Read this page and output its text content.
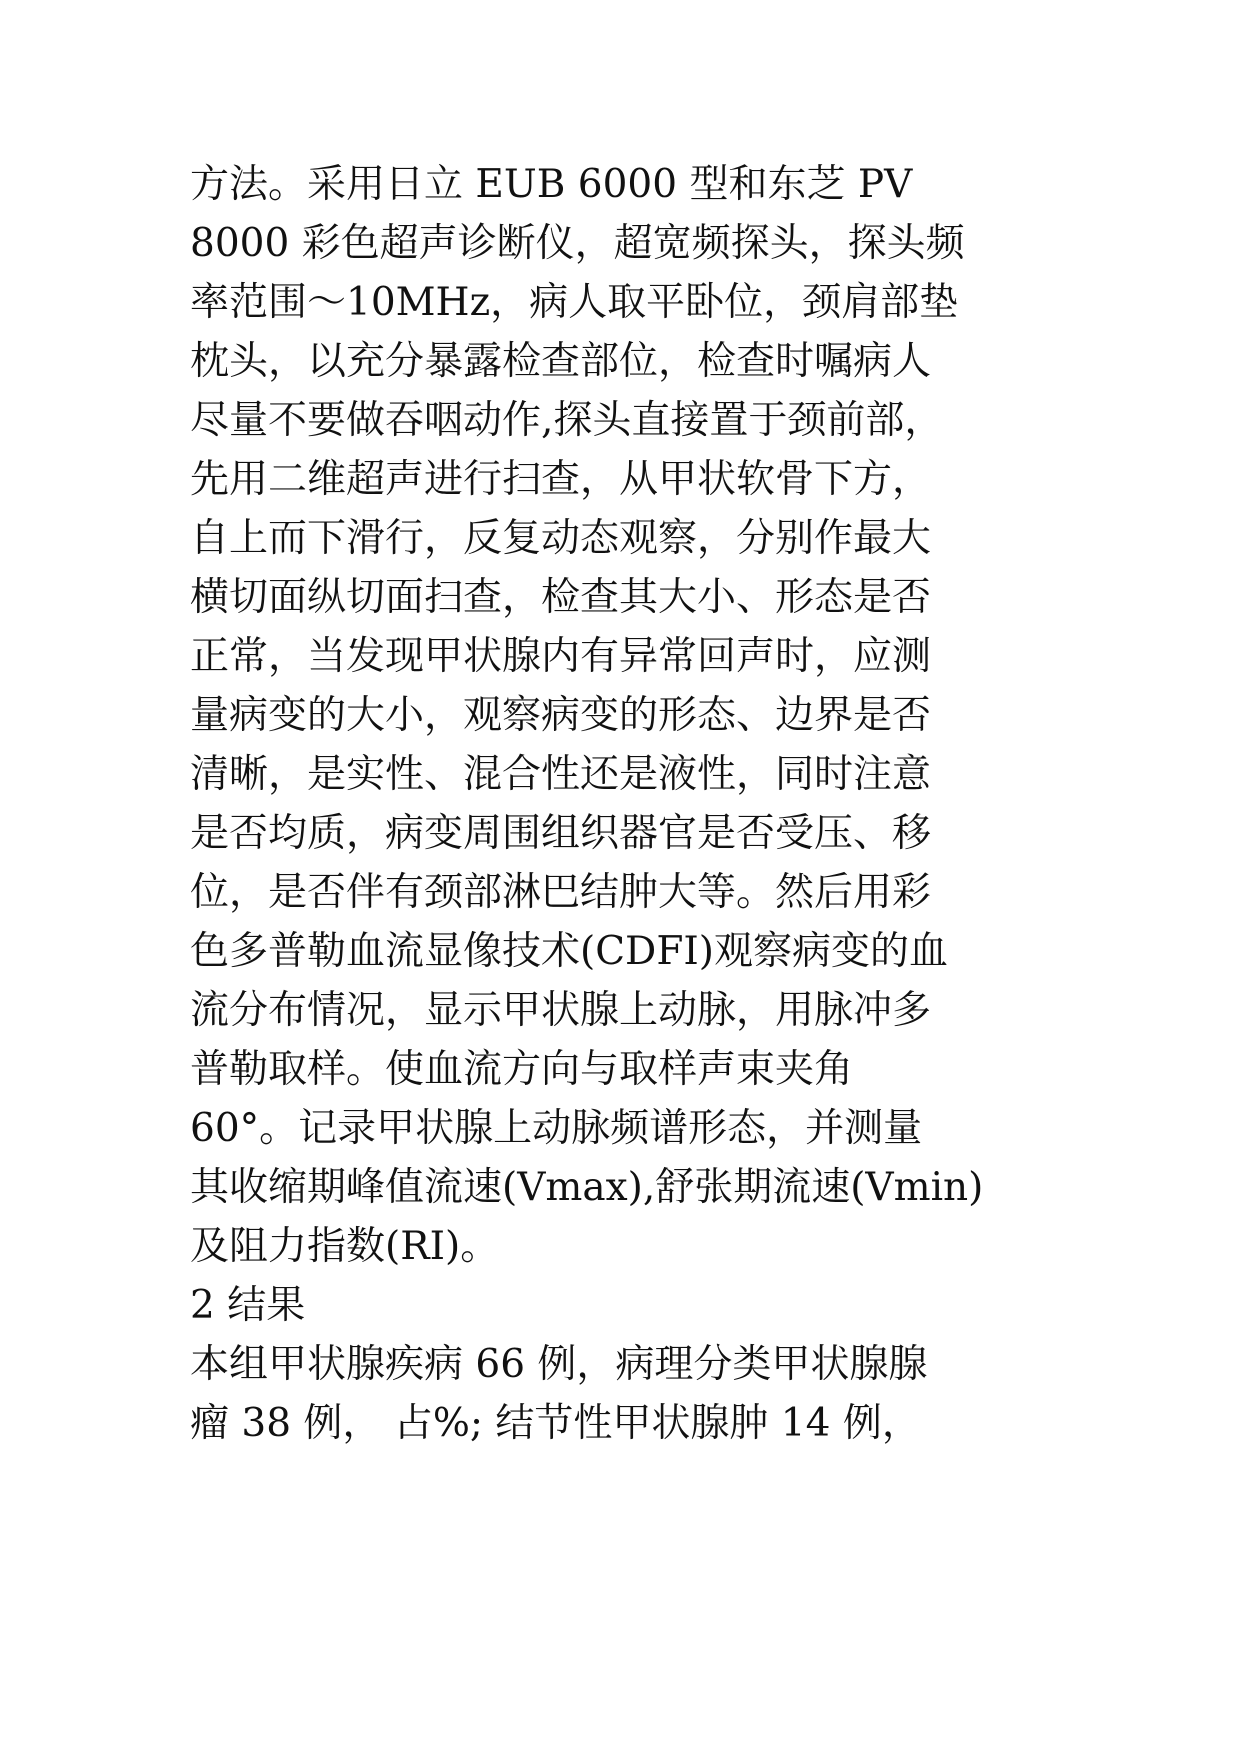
方法。采用日立 EUB 6000 型和东芝 PV
8000 彩色超声诊断仪，超宽频探头，探头频
率范围～10MHz，病人取平卧位，颈肩部垫
枕头，以充分暴露检查部位，检查时嘱病人
尽量不要做吞咽动作,探头直接置于颈前部，
先用二维超声进行扫查，从甲状软骨下方，
自上而下滑行，反复动态观察，分别作最大
横切面纵切面扫查，检查其大小、形态是否
正常，当发现甲状腺内有异常回声时，应测
量病变的大小，观察病变的形态、边界是否
清晰，是实性、混合性还是液性，同时注意
是否均质，病变周围组织器官是否受压、移
位，是否伴有颈部淋巴结肿大等。然后用彩
色多普勒血流显像技术(CDFI)观察病变的血
流分布情况，显示甲状腺上动脉，用脉冲多
普勒取样。使血流方向与取样声束夹角
60°。记录甲状腺上动脉频谱形态，并测量
其收缩期峰值流速(Vmax),舒张期流速(Vmin)
及阻力指数(RI)。
2 结果
本组甲状腺疾病 66 例，病理分类甲状腺腺
瘤 38 例， 占%; 结节性甲状腺肿 14 例，
